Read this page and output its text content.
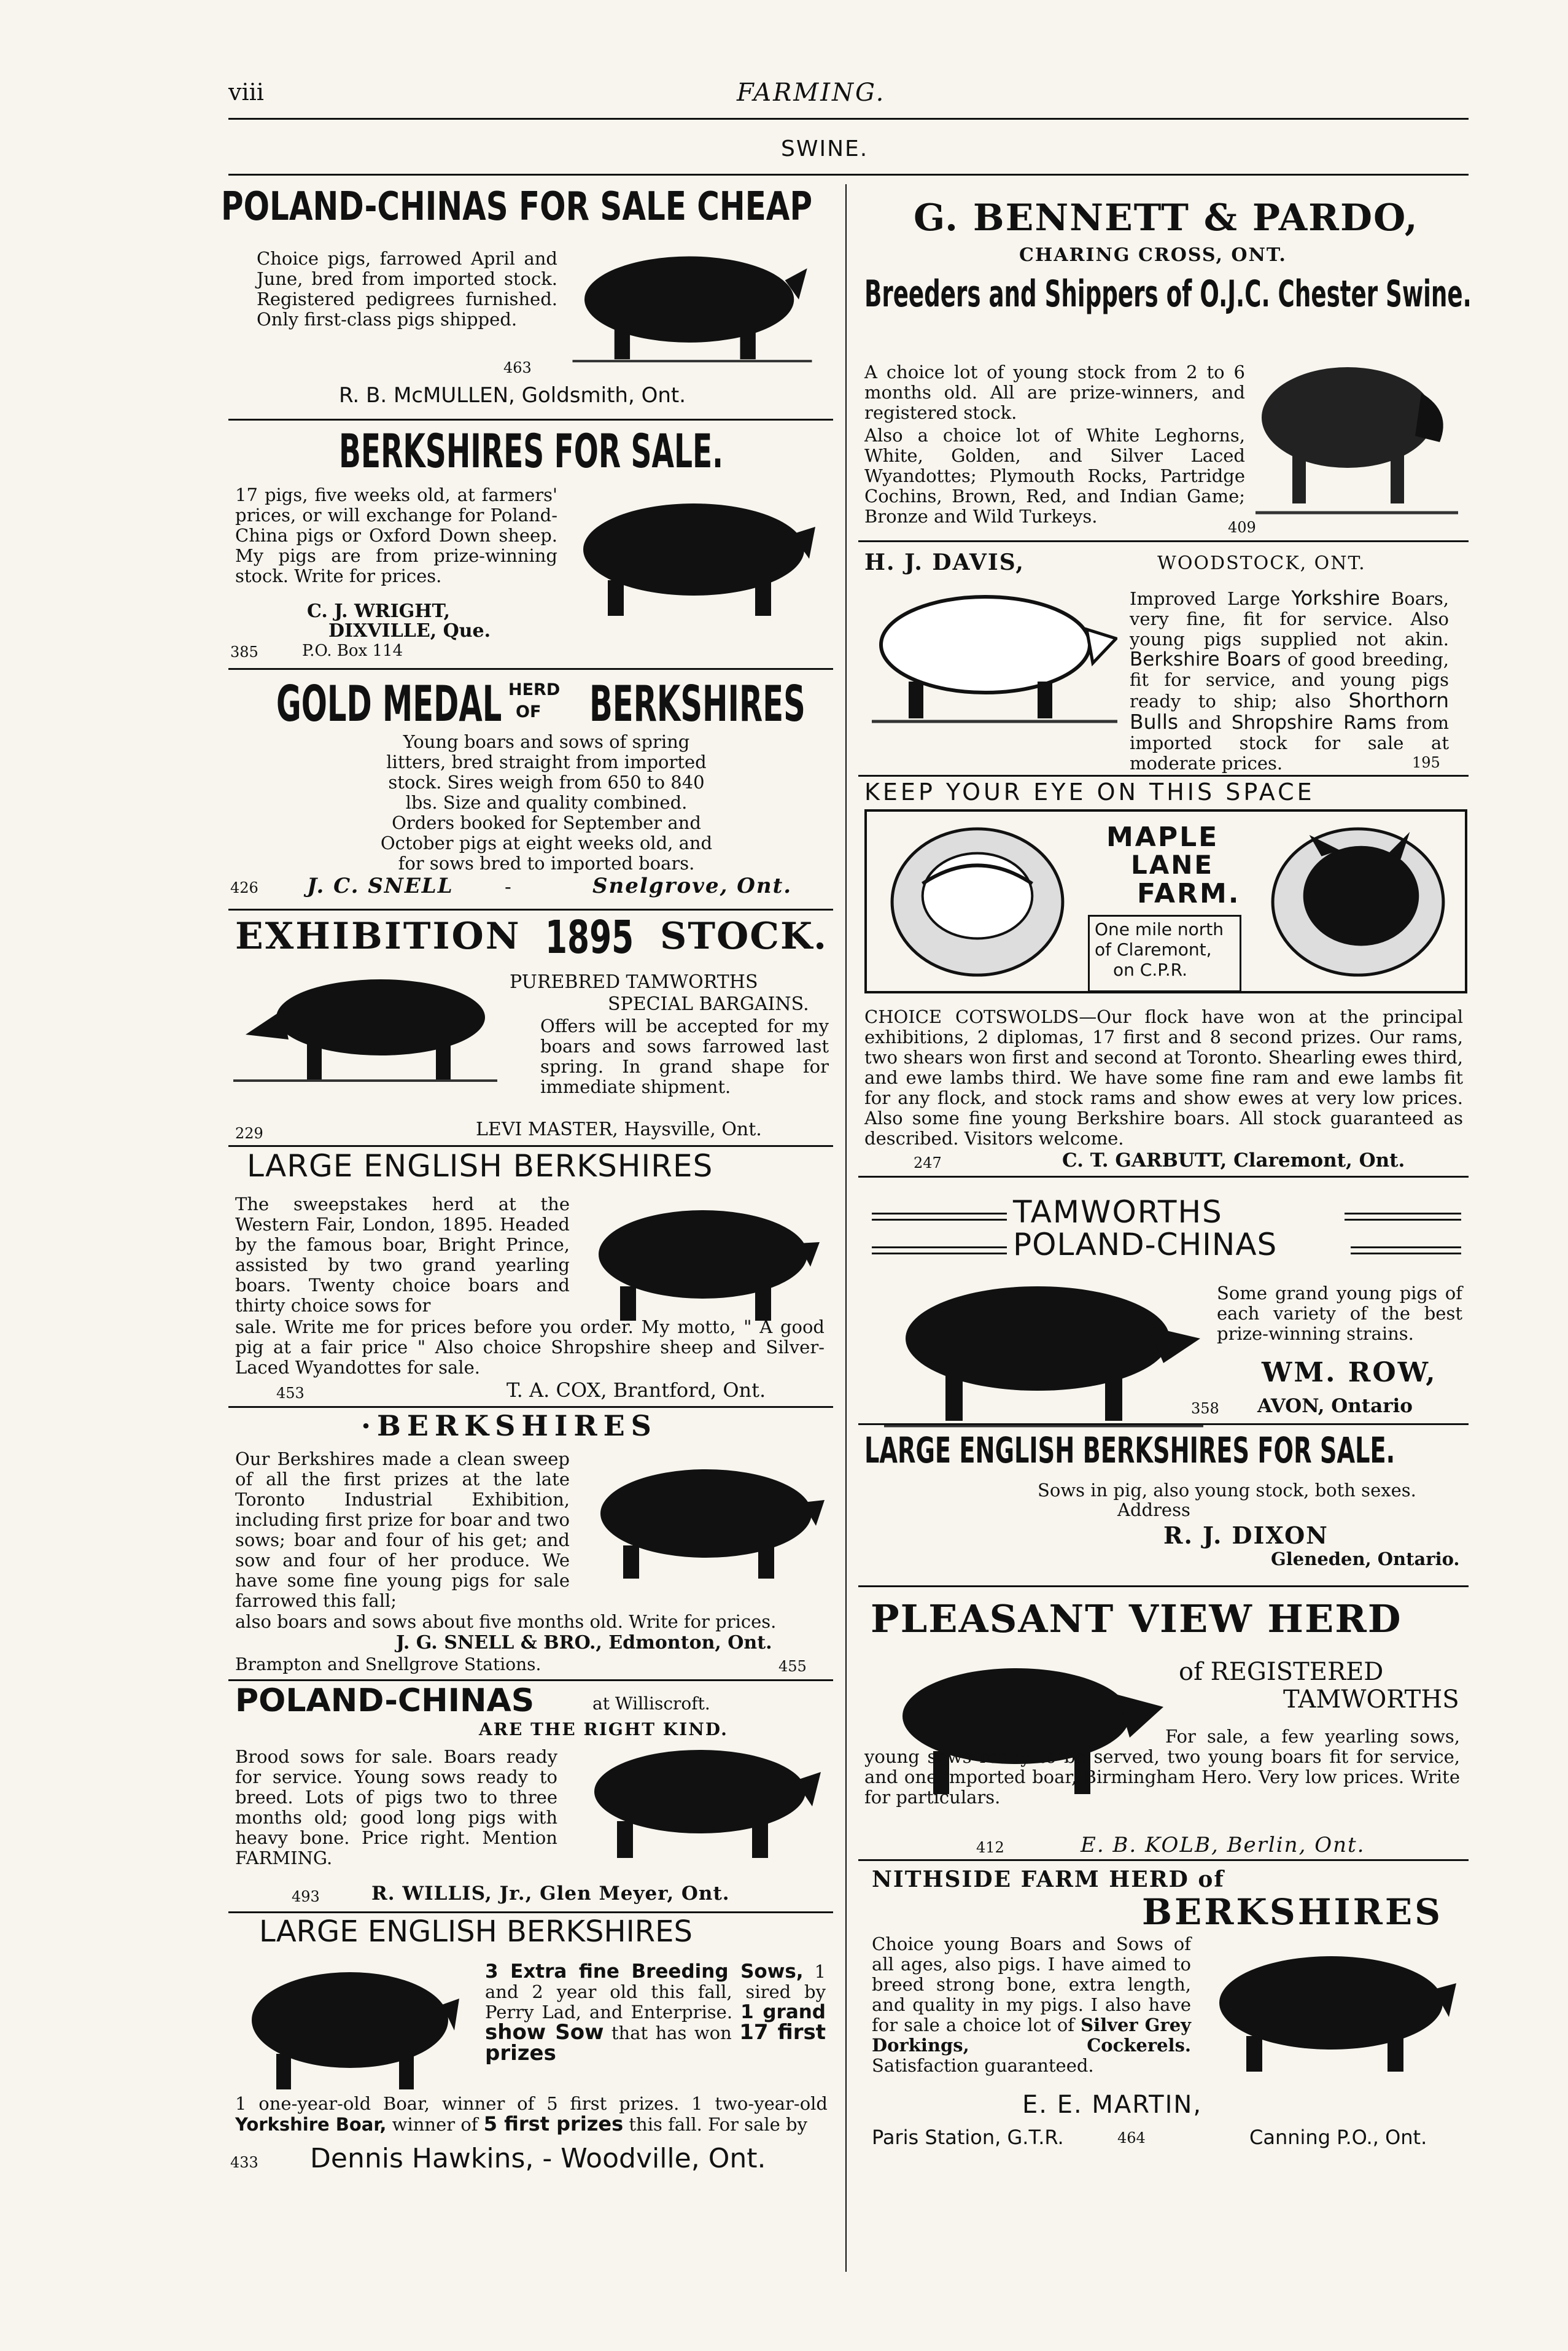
viii	FARMING.
SWINE.
POLAND-CHINAS FOR SALE CHEAP
Choice pigs, farrowed April and June, bred from imported stock. Registered pedigrees furnished. Only first-class pigs shipped.
463
R. B. McMULLEN, Goldsmith, Ont.
BERKSHIRES FOR SALE.
17 pigs, five weeks old, at farmers' prices, or will exchange for Poland-China pigs or Oxford Down sheep. My pigs are from prize-winning stock. Write for prices.
C. J. WRIGHT,
DIXVILLE, Que.
385	P.O. Box 114
GOLD MEDAL HERD
OF BERKSHIRES
Young boars and sows of spring litters, bred straight from imported stock. Sires weigh from 650 to 840 lbs. Size and quality combined. Orders booked for September and October pigs at eight weeks old, and for sows bred to imported boars.
426 J. C. SNELL	-	Snelgrove, Ont.
EXHIBITION 1895 STOCK.
PUREBRED TAMWORTHS
SPECIAL BARGAINS.
Offers will be accepted for my boars and sows farrowed last spring. In grand shape for immediate shipment.
229	LEVI MASTER, Haysville, Ont.
LARGE ENGLISH BERKSHIRES
The sweepstakes herd at the Western Fair, London, 1895. Headed by the famous boar, Bright Prince, assisted by two grand yearling boars. Twenty choice boars and thirty choice sows for
sale. Write me for prices before you order. My motto, " A good pig at a fair price " Also choice Shropshire sheep and Silver-Laced Wyandottes for sale.
453	T. A. COX, Brantford, Ont.
·BERKSHIRES
Our Berkshires made a clean sweep of all the first prizes at the late Toronto Industrial Exhibition, including first prize for boar and two sows; boar and four of his get; and sow and four of her produce. We have some fine young pigs for sale farrowed this fall;
also boars and sows about five months old. Write for prices.
J. G. SNELL & BRO., Edmonton, Ont.
Brampton and Snellgrove Stations.	455
POLAND-CHINAS	at Williscroft.
ARE THE RIGHT KIND.
Brood sows for sale. Boars ready for service. Young sows ready to breed. Lots of pigs two to three months old; good long pigs with heavy bone. Price right. Mention FARMING.
493	R. WILLIS, Jr., Glen Meyer, Ont.
LARGE ENGLISH BERKSHIRES
3 Extra fine Breeding Sows, 1 and 2 year old this fall, sired by Perry Lad, and Enterprise. 1 grand show Sow that has won 17 first prizes
1 one-year-old Boar, winner of 5 first prizes. 1 two-year-old Yorkshire Boar, winner of 5 first prizes this fall. For sale by
433 Dennis Hawkins, - Woodville, Ont.
G. BENNETT & PARDO,
CHARING CROSS, ONT.
Breeders and Shippers of O.J.C. Chester Swine.
A choice lot of young stock from 2 to 6 months old. All are prize-winners, and registered stock.
Also a choice lot of White Leghorns, White, Golden, and Silver Laced Wyandottes; Plymouth Rocks, Partridge Cochins, Brown, Red, and Indian Game; Bronze and Wild Turkeys.
409
H. J. DAVIS,	WOODSTOCK, ONT.
Improved Large Yorkshire Boars, very fine, fit for service. Also young pigs supplied not akin. Berkshire Boars of good breeding, fit for service, and young pigs ready to ship; also Shorthorn Bulls and Shropshire Rams from imported stock for sale at moderate prices.	195
KEEP YOUR EYE ON THIS SPACE
MAPLE
LANE
FARM.
One mile north
of Claremont,
on C.P.R.
CHOICE COTSWOLDS—Our flock have won at the principal exhibitions, 2 diplomas, 17 first and 8 second prizes. Our rams, two shears won first and second at Toronto. Shearling ewes third, and ewe lambs third. We have some fine ram and ewe lambs fit for any flock, and stock rams and show ewes at very low prices. Also some fine young Berkshire boars. All stock guaranteed as described. Visitors welcome.
247	C. T. GARBUTT, Claremont, Ont.
TAMWORTHS
POLAND-CHINAS
Some grand young pigs of each variety of the best prize-winning strains.
WM. ROW,
358 AVON, Ontario
LARGE ENGLISH BERKSHIRES FOR SALE.
Sows in pig, also young stock, both sexes.
Address
R. J. DIXON
Gleneden, Ontario.
PLEASANT VIEW HERD
of REGISTERED
TAMWORTHS
For sale, a few yearling sows, young sows ready to be served, two young boars fit for service, and one imported boar, Birmingham Hero. Very low prices. Write for particulars.
412	E. B. KOLB, Berlin, Ont.
NITHSIDE FARM HERD of
BERKSHIRES
Choice young Boars and Sows of all ages, also pigs. I have aimed to breed strong bone, extra length, and quality in my pigs. I also have for sale a choice lot of Silver Grey Dorkings, Cockerels. Satisfaction guaranteed.
E. E. MARTIN,
Paris Station, G.T.R.	464	Canning P.O., Ont.
